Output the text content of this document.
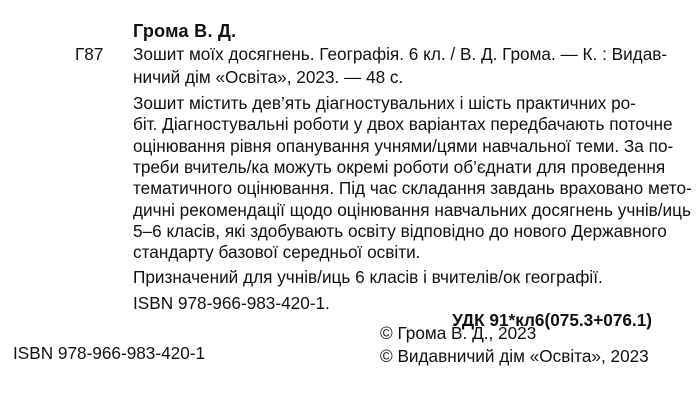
Грома В. Д.
Г87 Зошит моїх досягнень. Географія. 6 кл. / В. Д. Грома. — К. : Видав-
ничий дім «Освіта», 2023. — 48 с.
Зошит містить дев’ять діагностувальних і шість практичних ро-
біт. Діагностувальні роботи у двох варіантах передбачають поточне
оцінювання рівня опанування учнями/цями навчальної теми. За по-
треби вчитель/ка можуть окремі роботи об’єднати для проведення
тематичного оцінювання. Під час складання завдань враховано мето-
дичні рекомендації щодо оцінювання навчальних досягнень учнів/иць
5–6 класів, які здобувають освіту відповідно до нового Державного
стандарту базової середньої освіти.
Призначений для учнів/иць 6 класів і вчителів/ок географії.
ISBN 978-966-983-420-1.
УДК 91*кл6(075.3+076.1)
ISBN 978-966-983-420-1
© Грома В. Д., 2023
© Видавничий дім «Освіта», 2023
